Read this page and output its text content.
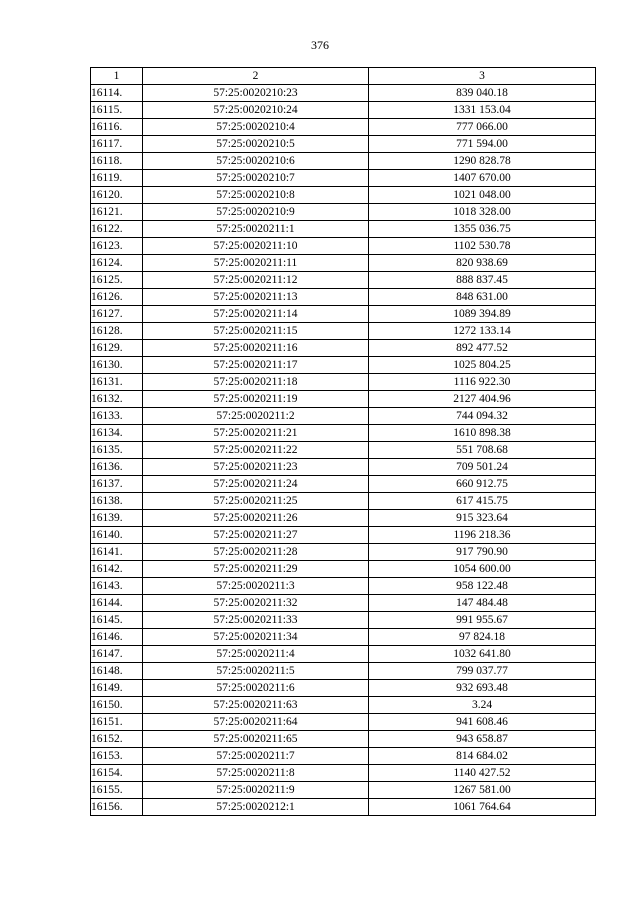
376
1	2	3
16114.	57:25:0020210:23	839 040.18
16115.	57:25:0020210:24	1331 153.04
16116.	57:25:0020210:4	777 066.00
16117.	57:25:0020210:5	771 594.00
16118.	57:25:0020210:6	1290 828.78
16119.	57:25:0020210:7	1407 670.00
16120.	57:25:0020210:8	1021 048.00
16121.	57:25:0020210:9	1018 328.00
16122.	57:25:0020211:1	1355 036.75
16123.	57:25:0020211:10	1102 530.78
16124.	57:25:0020211:11	820 938.69
16125.	57:25:0020211:12	888 837.45
16126.	57:25:0020211:13	848 631.00
16127.	57:25:0020211:14	1089 394.89
16128.	57:25:0020211:15	1272 133.14
16129.	57:25:0020211:16	892 477.52
16130.	57:25:0020211:17	1025 804.25
16131.	57:25:0020211:18	1116 922.30
16132.	57:25:0020211:19	2127 404.96
16133.	57:25:0020211:2	744 094.32
16134.	57:25:0020211:21	1610 898.38
16135.	57:25:0020211:22	551 708.68
16136.	57:25:0020211:23	709 501.24
16137.	57:25:0020211:24	660 912.75
16138.	57:25:0020211:25	617 415.75
16139.	57:25:0020211:26	915 323.64
16140.	57:25:0020211:27	1196 218.36
16141.	57:25:0020211:28	917 790.90
16142.	57:25:0020211:29	1054 600.00
16143.	57:25:0020211:3	958 122.48
16144.	57:25:0020211:32	147 484.48
16145.	57:25:0020211:33	991 955.67
16146.	57:25:0020211:34	97 824.18
16147.	57:25:0020211:4	1032 641.80
16148.	57:25:0020211:5	799 037.77
16149.	57:25:0020211:6	932 693.48
16150.	57:25:0020211:63	3.24
16151.	57:25:0020211:64	941 608.46
16152.	57:25:0020211:65	943 658.87
16153.	57:25:0020211:7	814 684.02
16154.	57:25:0020211:8	1140 427.52
16155.	57:25:0020211:9	1267 581.00
16156.	57:25:0020212:1	1061 764.64
